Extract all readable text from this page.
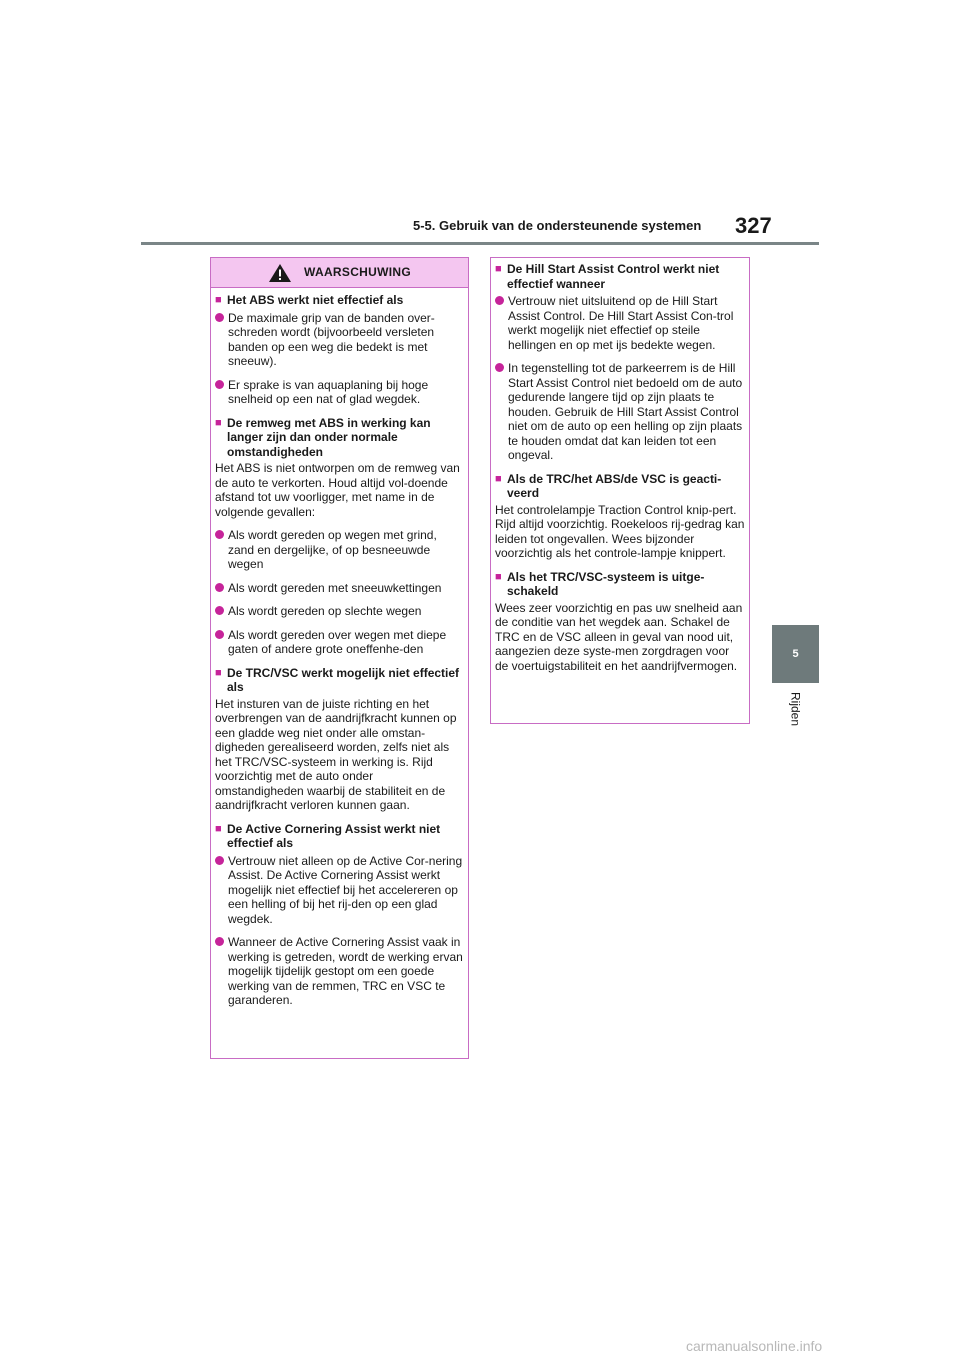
5-5. Gebruik van de ondersteunende systemen 327
5
Rijden
WAARSCHUWING
■ Het ABS werkt niet effectief als
De maximale grip van de banden over-schreden wordt (bijvoorbeeld versleten banden op een weg die bedekt is met sneeuw).
Er sprake is van aquaplaning bij hoge snelheid op een nat of glad wegdek.
■ De remweg met ABS in werking kan langer zijn dan onder normale omstandigheden
Het ABS is niet ontworpen om de remweg van de auto te verkorten. Houd altijd vol-doende afstand tot uw voorligger, met name in de volgende gevallen:
Als wordt gereden op wegen met grind, zand en dergelijke, of op besneeuwde wegen
Als wordt gereden met sneeuwkettingen
Als wordt gereden op slechte wegen
Als wordt gereden over wegen met diepe gaten of andere grote oneffenhe-den
■ De TRC/VSC werkt mogelijk niet effectief als
Het insturen van de juiste richting en het overbrengen van de aandrijfkracht kunnen op een gladde weg niet onder alle omstan-digheden gerealiseerd worden, zelfs niet als het TRC/VSC-systeem in werking is. Rijd voorzichtig met de auto onder omstandigheden waarbij de stabiliteit en de aandrijfkracht verloren kunnen gaan.
■ De Active Cornering Assist werkt niet effectief als
Vertrouw niet alleen op de Active Cor-nering Assist. De Active Cornering Assist werkt mogelijk niet effectief bij het accelereren op een helling of bij het rij-den op een glad wegdek.
Wanneer de Active Cornering Assist vaak in werking is getreden, wordt de werking ervan mogelijk tijdelijk gestopt om een goede werking van de remmen, TRC en VSC te garanderen.
■ De Hill Start Assist Control werkt niet effectief wanneer
Vertrouw niet uitsluitend op de Hill Start Assist Control. De Hill Start Assist Con-trol werkt mogelijk niet effectief op steile hellingen en op met ijs bedekte wegen.
In tegenstelling tot de parkeerrem is de Hill Start Assist Control niet bedoeld om de auto gedurende langere tijd op zijn plaats te houden. Gebruik de Hill Start Assist Control niet om de auto op een helling op zijn plaats te houden omdat dat kan leiden tot een ongeval.
■ Als de TRC/het ABS/de VSC is geacti-veerd
Het controlelampje Traction Control knip-pert. Rijd altijd voorzichtig. Roekeloos rij-gedrag kan leiden tot ongevallen. Wees bijzonder voorzichtig als het controle-lampje knippert.
■ Als het TRC/VSC-systeem is uitge-schakeld
Wees zeer voorzichtig en pas uw snelheid aan de conditie van het wegdek aan. Schakel de TRC en de VSC alleen in geval van nood uit, aangezien deze syste-men zorgdragen voor de voertuigstabiliteit en het aandrijfvermogen.
carmanualsonline.info
